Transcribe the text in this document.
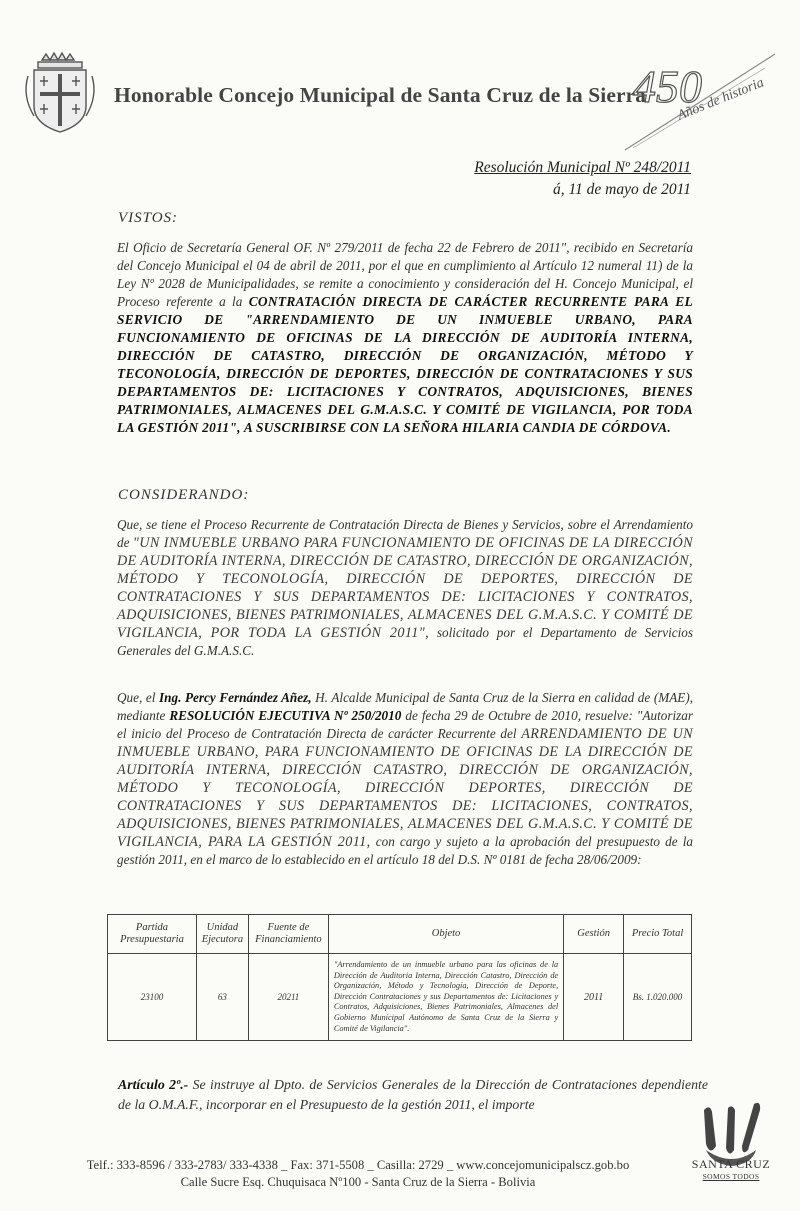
Honorable Concejo Municipal de Santa Cruz de la Sierra
450
Años de historia
Resolución Municipal Nº 248/2011
á, 11 de mayo de 2011
VISTOS:
El Oficio de Secretaría General OF. Nº 279/2011 de fecha 22 de Febrero de 2011", recibido en Secretaría del Concejo Municipal el 04 de abril de 2011, por el que en cumplimiento al Artículo 12 numeral 11) de la Ley Nº 2028 de Municipalidades, se remite a conocimiento y consideración del H. Concejo Municipal, el Proceso referente a la CONTRATACIÓN DIRECTA DE CARÁCTER RECURRENTE PARA EL SERVICIO DE "ARRENDAMIENTO DE UN INMUEBLE URBANO, PARA FUNCIONAMIENTO DE OFICINAS DE LA DIRECCIÓN DE AUDITORÍA INTERNA, DIRECCIÓN DE CATASTRO, DIRECCIÓN DE ORGANIZACIÓN, MÉTODO Y TECONOLOGÍA, DIRECCIÓN DE DEPORTES, DIRECCIÓN DE CONTRATACIONES Y SUS DEPARTAMENTOS DE: LICITACIONES Y CONTRATOS, ADQUISICIONES, BIENES PATRIMONIALES, ALMACENES DEL G.M.A.S.C. Y COMITÉ DE VIGILANCIA, POR TODA LA GESTIÓN 2011", A SUSCRIBIRSE CON LA SEÑORA HILARIA CANDIA DE CÓRDOVA.
CONSIDERANDO:
Que, se tiene el Proceso Recurrente de Contratación Directa de Bienes y Servicios, sobre el Arrendamiento de "UN INMUEBLE URBANO PARA FUNCIONAMIENTO DE OFICINAS DE LA DIRECCIÓN DE AUDITORÍA INTERNA, DIRECCIÓN DE CATASTRO, DIRECCIÓN DE ORGANIZACIÓN, MÉTODO Y TECONOLOGÍA, DIRECCIÓN DE DEPORTES, DIRECCIÓN DE CONTRATACIONES Y SUS DEPARTAMENTOS DE: LICITACIONES Y CONTRATOS, ADQUISICIONES, BIENES PATRIMONIALES, ALMACENES DEL G.M.A.S.C. Y COMITÉ DE VIGILANCIA, POR TODA LA GESTIÓN 2011", solicitado por el Departamento de Servicios Generales del G.M.A.S.C.
Que, el Ing. Percy Fernández Añez, H. Alcalde Municipal de Santa Cruz de la Sierra en calidad de (MAE), mediante RESOLUCIÓN EJECUTIVA Nº 250/2010 de fecha 29 de Octubre de 2010, resuelve: "Autorizar el inicio del Proceso de Contratación Directa de carácter Recurrente del ARRENDAMIENTO DE UN INMUEBLE URBANO, PARA FUNCIONAMIENTO DE OFICINAS DE LA DIRECCIÓN DE AUDITORÍA INTERNA, DIRECCIÓN CATASTRO, DIRECCIÓN DE ORGANIZACIÓN, MÉTODO Y TECONOLOGÍA, DIRECCIÓN DEPORTES, DIRECCIÓN DE CONTRATACIONES Y SUS DEPARTAMENTOS DE: LICITACIONES, CONTRATOS, ADQUISICIONES, BIENES PATRIMONIALES, ALMACENES DEL G.M.A.S.C. Y COMITÉ DE VIGILANCIA, PARA LA GESTIÓN 2011, con cargo y sujeto a la aprobación del presupuesto de la gestión 2011, en el marco de lo establecido en el artículo 18 del D.S. Nº 0181 de fecha 28/06/2009:
Partida Presupuestaria	Unidad Ejecutora	Fuente de Financiamiento	Objeto	Gestión	Precio Total
23100	63	20211	"Arrendamiento de un inmueble urbano para las oficinas de la Dirección de Auditoria Interna, Dirección Catastro, Dirección de Organización, Método y Tecnología, Dirección de Deporte, Dirección Contrataciones y sus Departamentos de: Licitaciones y Contratos, Adquisiciones, Bienes Patrimoniales, Almacenes del Gobierno Municipal Autónomo de Santa Cruz de la Sierra y Comité de Vigilancia".	2011	Bs. 1.020.000
Artículo 2º.- Se instruye al Dpto. de Servicios Generales de la Dirección de Contrataciones dependiente de la O.M.A.F., incorporar en el Presupuesto de la gestión 2011, el importe
Telf.: 333-8596 / 333-2783/ 333-4338 _ Fax: 371-5508 _ Casilla: 2729 _ www.concejomunicipalscz.gob.bo
Calle Sucre Esq. Chuquisaca Nº100 - Santa Cruz de la Sierra - Bolivia
SANTA CRUZ
SOMOS TODOS
